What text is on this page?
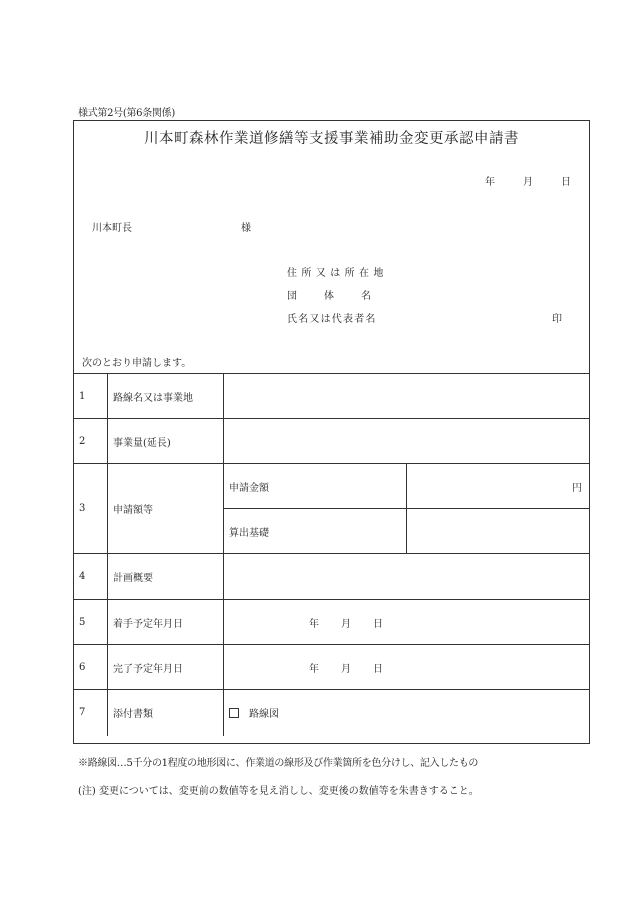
様式第2号(第6条関係)
川本町森林作業道修繕等支援事業補助金変更承認申請書
年	月	日
川本町長	様
住所又は所在地
団体名
氏名又は代表者名	印
次のとおり申請します。
1	路線名又は事業地		
2	事業量(延長)		
3	申請額等	申請金額	円

		算出基礎	
4	計画概要		
5	着手予定年月日	年 月 日	
6	完了予定年月日	年 月 日	
7	添付書類	路線図	
※路線図…5千分の1程度の地形図に、作業道の線形及び作業箇所を色分けし、記入したもの
(注) 変更については、変更前の数値等を見え消しし、変更後の数値等を朱書きすること。
